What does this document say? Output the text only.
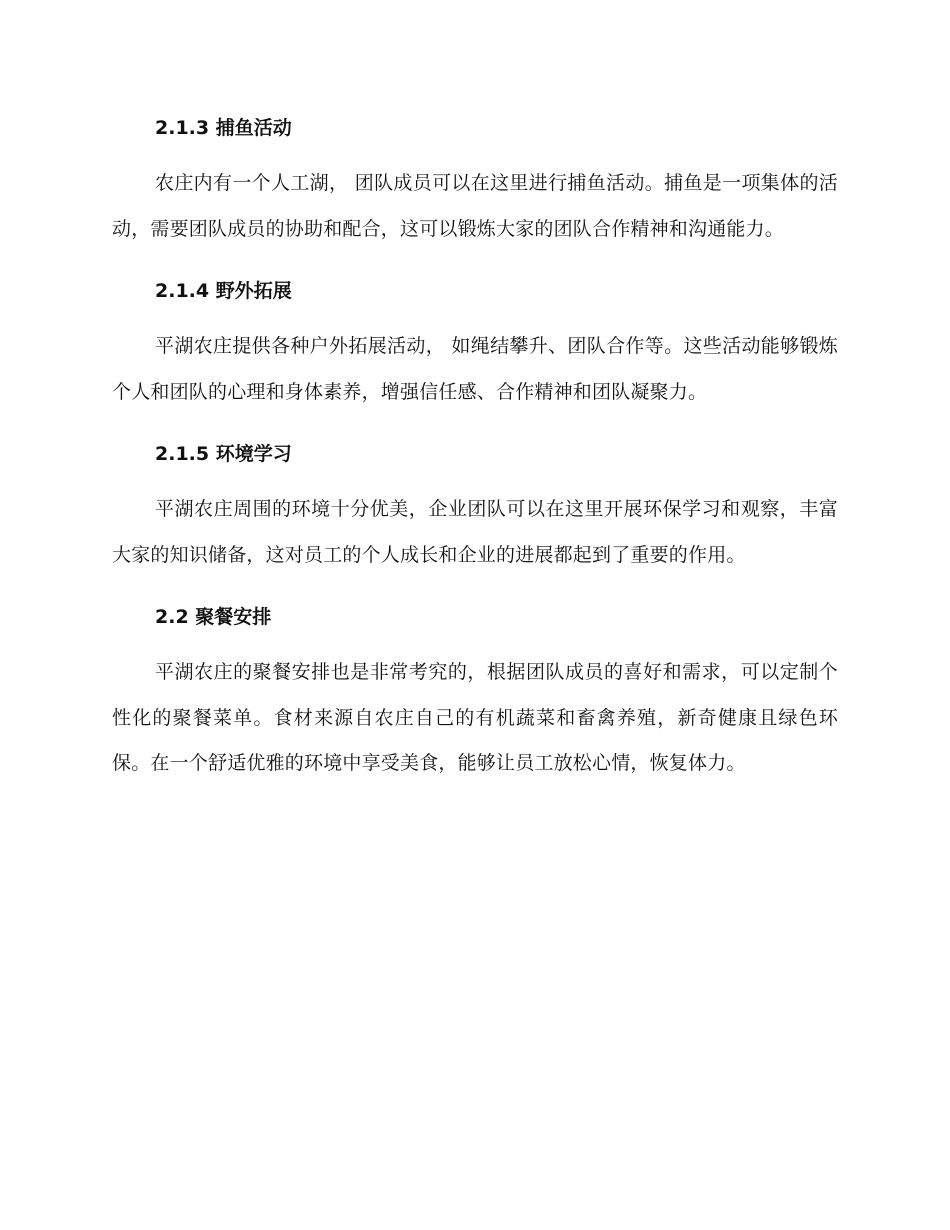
2.1.3 捕鱼活动

农庄内有一个人工湖， 团队成员可以在这里进行捕鱼活动。捕鱼是一项集体的活动，需要团队成员的协助和配合，这可以锻炼大家的团队合作精神和沟通能力。

2.1.4 野外拓展

平湖农庄提供各种户外拓展活动， 如绳结攀升、团队合作等。这些活动能够锻炼个人和团队的心理和身体素养，增强信任感、合作精神和团队凝聚力。

2.1.5 环境学习

平湖农庄周围的环境十分优美，企业团队可以在这里开展环保学习和观察，丰富大家的知识储备，这对员工的个人成长和企业的进展都起到了重要的作用。

2.2 聚餐安排

平湖农庄的聚餐安排也是非常考究的，根据团队成员的喜好和需求，可以定制个性化的聚餐菜单。食材来源自农庄自己的有机蔬菜和畜禽养殖，新奇健康且绿色环保。在一个舒适优雅的环境中享受美食，能够让员工放松心情，恢复体力。
